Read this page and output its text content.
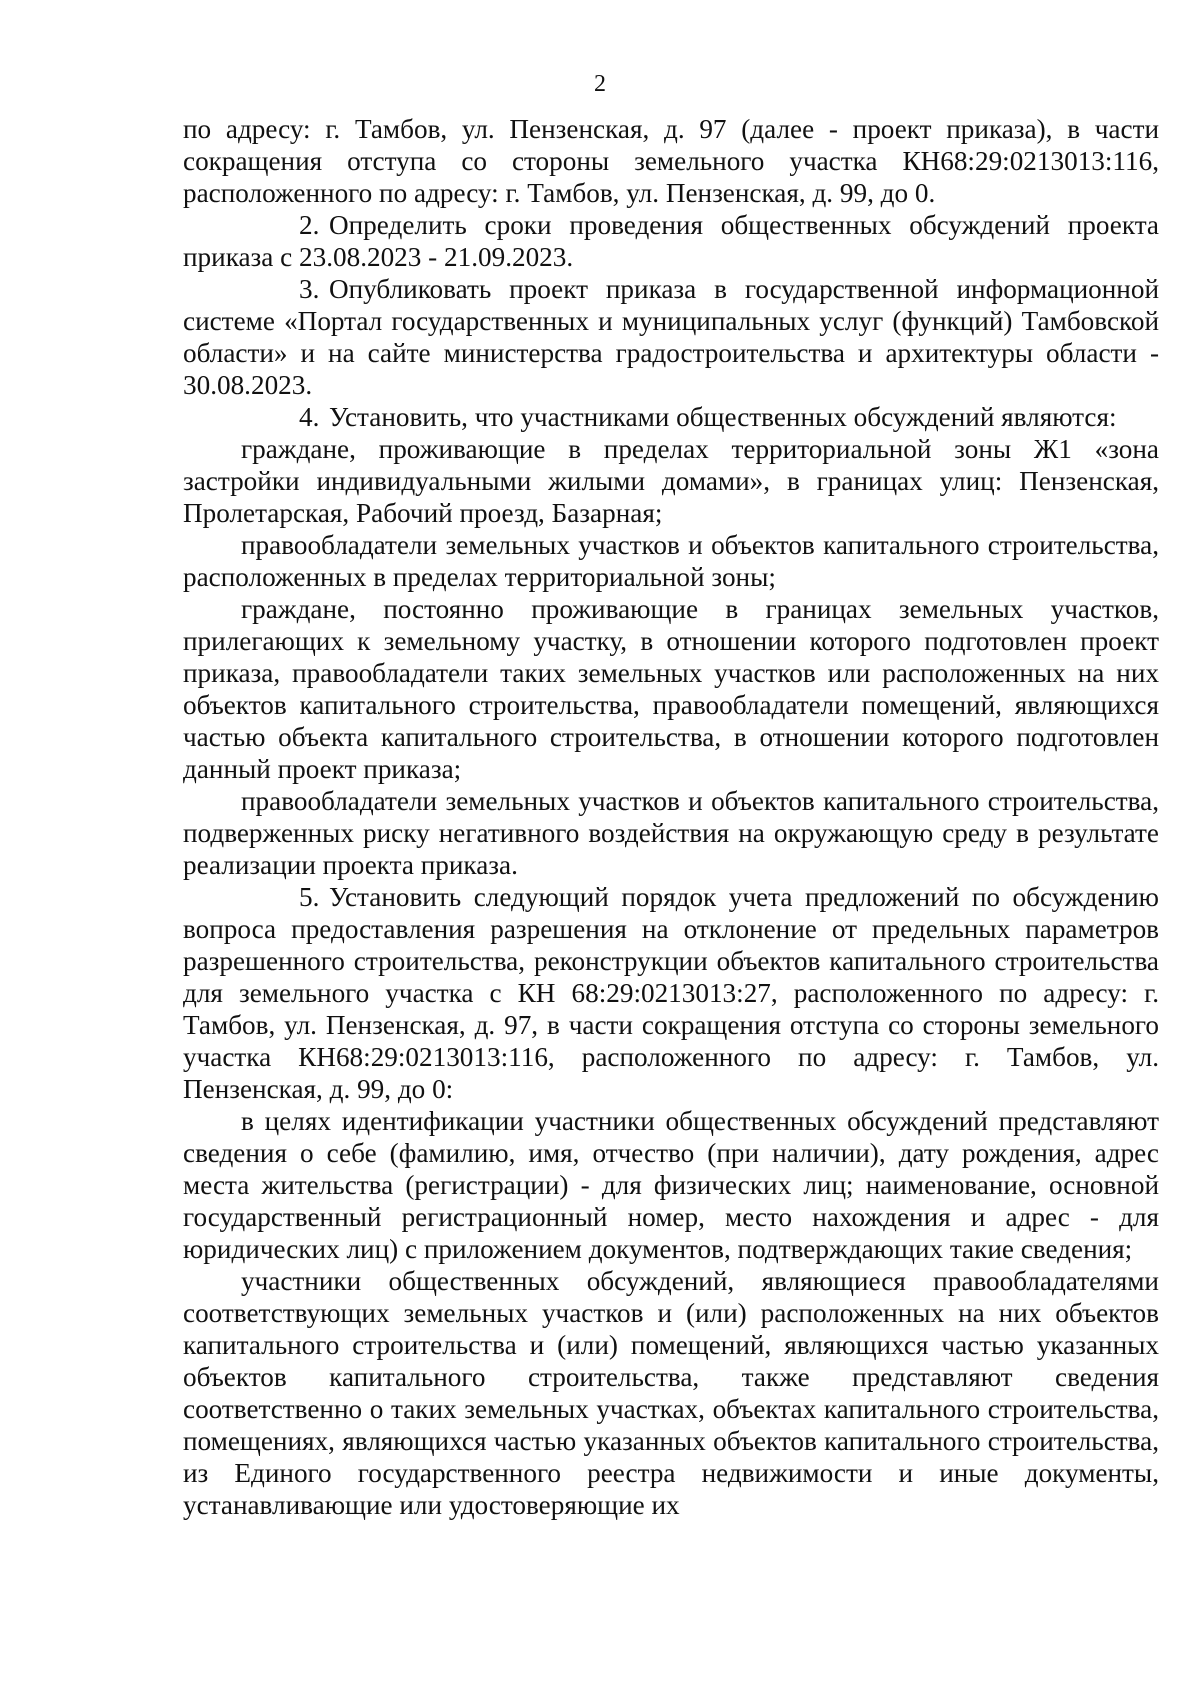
2

по адресу: г. Тамбов, ул. Пензенская, д. 97 (далее - проект приказа), в части сокращения отступа со стороны земельного участка КН68:29:0213013:116, расположенного по адресу: г. Тамбов, ул. Пензенская, д. 99, до 0.

2. Определить сроки проведения общественных обсуждений проекта приказа с 23.08.2023 - 21.09.2023.

3. Опубликовать проект приказа в государственной информационной системе «Портал государственных и муниципальных услуг (функций) Тамбовской области» и на сайте министерства градостроительства и архитектуры области - 30.08.2023.

4. Установить, что участниками общественных обсуждений являются:

граждане, проживающие в пределах территориальной зоны Ж1 «зона застройки индивидуальными жилыми домами», в границах улиц: Пензенская, Пролетарская, Рабочий проезд, Базарная;

правообладатели земельных участков и объектов капитального строительства, расположенных в пределах территориальной зоны;

граждане, постоянно проживающие в границах земельных участков, прилегающих к земельному участку, в отношении которого подготовлен проект приказа, правообладатели таких земельных участков или расположенных на них объектов капитального строительства, правообладатели помещений, являющихся частью объекта капитального строительства, в отношении которого подготовлен данный проект приказа;

правообладатели земельных участков и объектов капитального строительства, подверженных риску негативного воздействия на окружающую среду в результате реализации проекта приказа.

5. Установить следующий порядок учета предложений по обсуждению вопроса предоставления разрешения на отклонение от предельных параметров разрешенного строительства, реконструкции объектов капитального строительства для земельного участка с КН 68:29:0213013:27, расположенного по адресу: г. Тамбов, ул. Пензенская, д. 97, в части сокращения отступа со стороны земельного участка КН68:29:0213013:116, расположенного по адресу: г. Тамбов, ул. Пензенская, д. 99, до 0:

в целях идентификации участники общественных обсуждений представляют сведения о себе (фамилию, имя, отчество (при наличии), дату рождения, адрес места жительства (регистрации) - для физических лиц; наименование, основной государственный регистрационный номер, место нахождения и адрес - для юридических лиц) с приложением документов, подтверждающих такие сведения;

участники общественных обсуждений, являющиеся правообладателями соответствующих земельных участков и (или) расположенных на них объектов капитального строительства и (или) помещений, являющихся частью указанных объектов капитального строительства, также представляют сведения соответственно о таких земельных участках, объектах капитального строительства, помещениях, являющихся частью указанных объектов капитального строительства, из Единого государственного реестра недвижимости и иные документы, устанавливающие или удостоверяющие их
